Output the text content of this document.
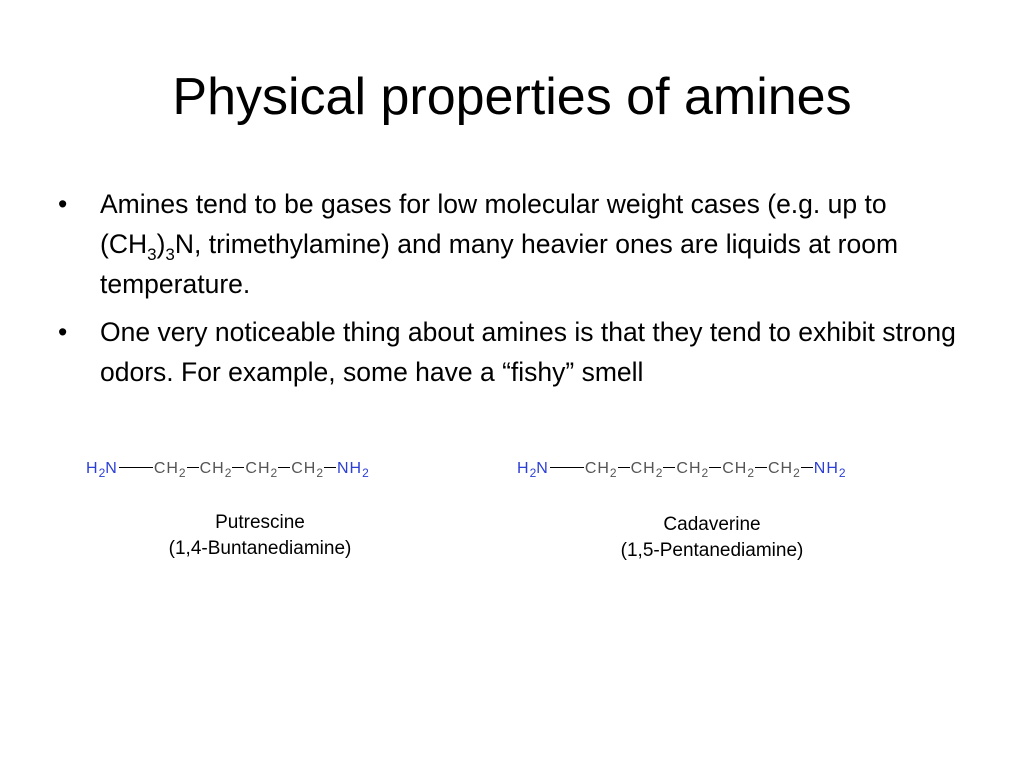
Physical properties of amines
• Amines tend to be gases for low molecular weight cases (e.g. up to $(CH_3)_3N$, trimethylamine) and many heavier ones are liquids at room temperature.
• One very noticeable thing about amines is that they tend to exhibit strong odors. For example, some have a “fishy” smell
$H_2N$ $CH_2$ $CH_2$ $CH_2$ $CH_2$ $NH_2$	$H_2N$ $CH_2$ $CH_2$ $CH_2$ $CH_2$ $CH_2$ $NH_2$
Putrescine
(1,4-Buntanediamine)
Cadaverine
(1,5-Pentanediamine)
